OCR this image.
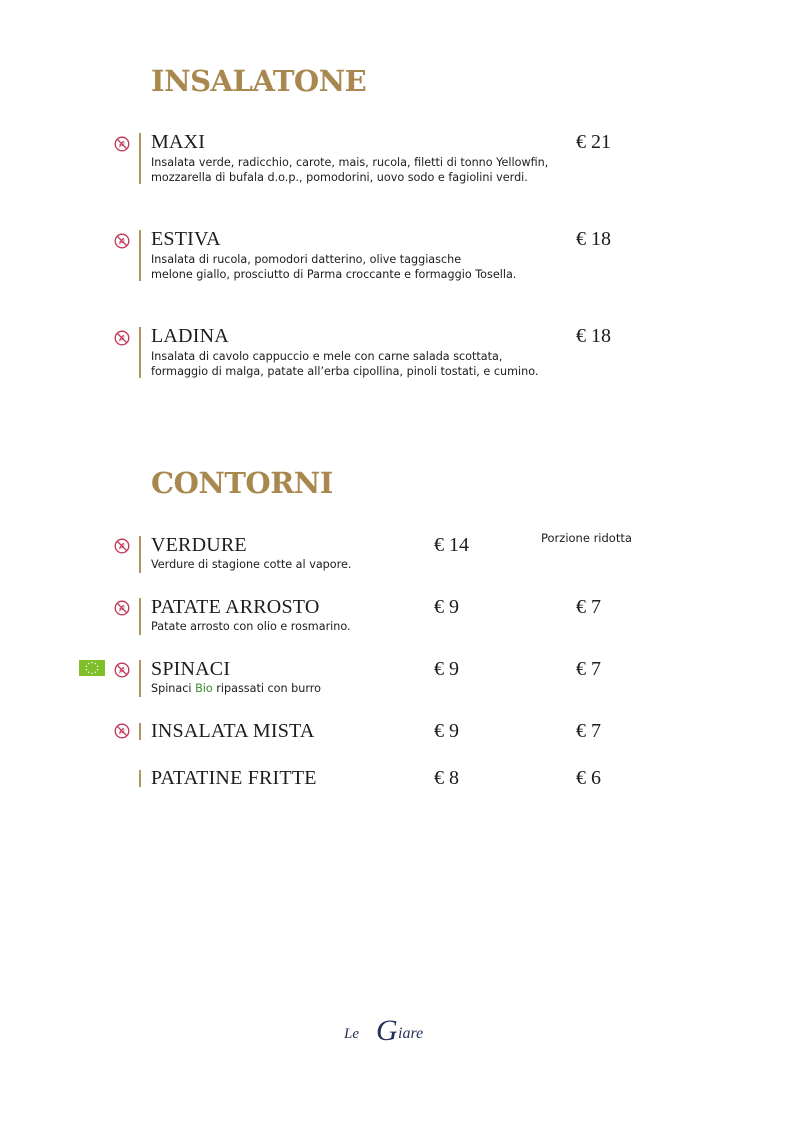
INSALATONE

MAXI	€ 21

Insalata verde, radicchio, carote, mais, rucola, filetti di tonno Yellowfin,

mozzarella di bufala d.o.p., pomodorini, uovo sodo e fagiolini verdi.

ESTIVA	€ 18

Insalata di rucola, pomodori datterino, olive taggiasche

melone giallo, prosciutto di Parma croccante e formaggio Tosella.

LADINA	€ 18

Insalata di cavolo cappuccio e mele con carne salada scottata,

formaggio di malga, patate all’erba cipollina, pinoli tostati, e cumino.

CONTORNI

Porzione ridotta

VERDURE	€ 14

Verdure di stagione cotte al vapore.

PATATE ARROSTO	€ 9	€ 7

Patate arrosto con olio e rosmarino.

SPINACI	€ 9	€ 7

Spinaci Bio ripassati con burro

INSALATA MISTA	€ 9	€ 7

PATATINE FRITTE	€ 8	€ 6

Le G iare
